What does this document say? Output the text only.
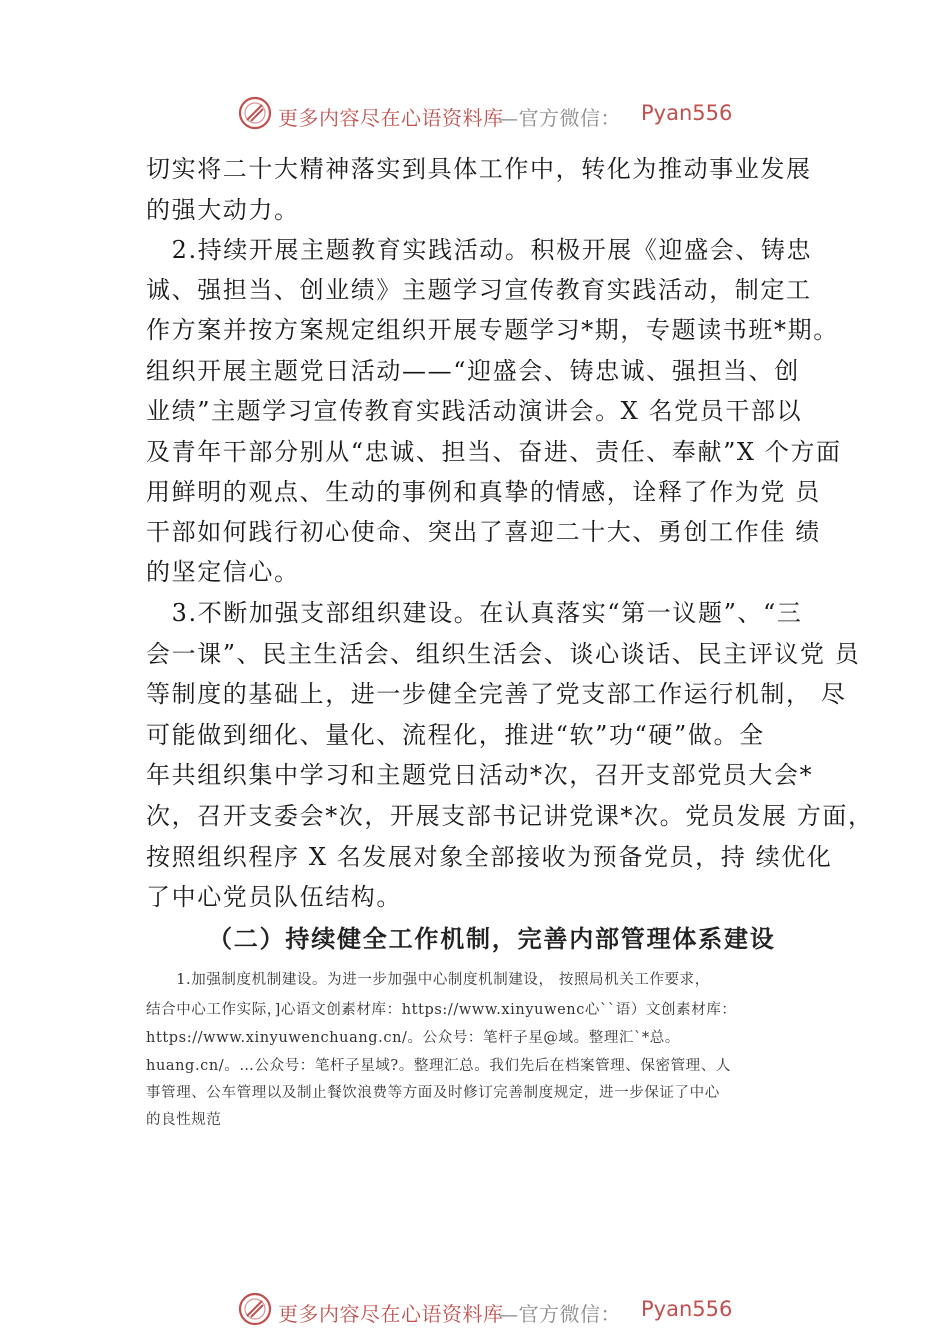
更多内容尽在心语资料库
—官方微信： Pyan556
切实将二十大精神落实到具体工作中，转化为推动事业发展
的强大动力。
　2.持续开展主题教育实践活动。积极开展《迎盛会、铸忠
诚、强担当、创业绩》主题学习宣传教育实践活动，制定工
作方案并按方案规定组织开展专题学习*期，专题读书班*期。
组织开展主题党日活动——“迎盛会、铸忠诚、强担当、创
业绩”主题学习宣传教育实践活动演讲会。X 名党员干部以
及青年干部分别从“忠诚、担当、奋进、责任、奉献”X 个方面
用鲜明的观点、生动的事例和真挚的情感，诠释了作为党 员
干部如何践行初心使命、突出了喜迎二十大、勇创工作佳 绩
的坚定信心。
　3.不断加强支部组织建设。在认真落实“第一议题”、“三
会一课”、民主生活会、组织生活会、谈心谈话、民主评议党 员
等制度的基础上，进一步健全完善了党支部工作运行机制， 尽
可能做到细化、量化、流程化，推进“软”功“硬”做。全
年共组织集中学习和主题党日活动*次，召开支部党员大会*
次，召开支委会*次，开展支部书记讲党课*次。党员发展 方面，
按照组织程序 X 名发展对象全部接收为预备党员，持 续优化
了中心党员队伍结构。
（二）持续健全工作机制，完善内部管理体系建设
　　1.加强制度机制建设。为进一步加强中心制度机制建设， 按照局机关工作要求，
结合中心工作实际，]心语文创素材库：https://www.xinyuwenc心``语）文创素材库：
https://www.xinyuwenchuang.cn/。公众号：笔杆子星@域。整理汇`*总。
huang.cn/。…公众号：笔杆子星域?。整理汇总。我们先后在档案管理、保密管理、人
事管理、公车管理以及制止餐饮浪费等方面及时修订完善制度规定，进一步保证了中心
的良性规范
更多内容尽在心语资料库
—官方微信： Pyan556
